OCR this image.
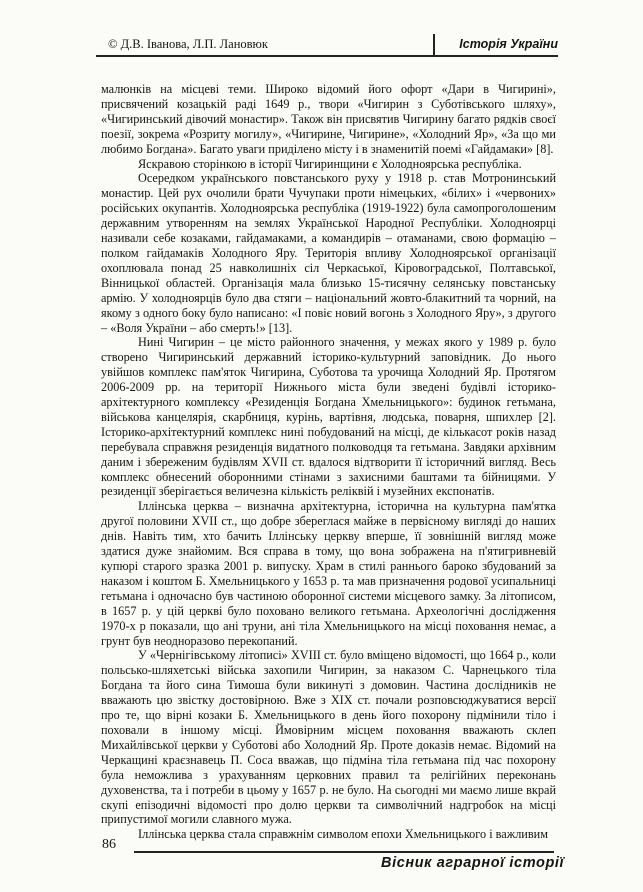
© Д.В. Іванова, Л.П. Лановюк	Історія України

малюнків на місцеві теми. Широко відомий його офорт «Дари в Чигирині», присвячений козацькій раді 1649 р., твори «Чигирин з Суботівського шляху», «Чигиринський дівочий монастир». Також він присвятив Чигирину багато рядків своєї поезії, зокрема «Розриту могилу», «Чигирине, Чигирине», «Холодний Яр», «За що ми любимо Богдана». Багато уваги приділено місту і в знаменитій поемі «Гайдамаки» [8].

Яскравою сторінкою в історії Чигиринщини є Холодноярська республіка.

Осередком українського повстанського руху у 1918 р. став Мотронинський монастир. Цей рух очолили брати Чучупаки проти німецьких, «білих» і «червоних» російських окупантів. Холодноярська республіка (1919-1922) була самопроголошеним державним утворенням на землях Української Народної Республіки. Холодноярці називали себе козаками, гайдамаками, а командирів – отаманами, свою формацію – полком гайдамаків Холодного Яру. Територія впливу Холодноярської організації охоплювала понад 25 навколишніх сіл Черкаської, Кіровоградської, Полтавської, Вінницької областей. Організація мала близько 15-тисячну селянську повстанську армію. У холодноярців було два стяги – національний жовто-блакитний та чорний, на якому з одного боку було написано: «І повіє новий вогонь з Холодного Яру», з другого – «Воля України – або смерть!» [13].

Нині Чигирин – це місто районного значення, у межах якого у 1989 р. було створено Чигиринський державний історико-культурний заповідник. До нього увійшов комплекс пам'яток Чигирина, Суботова та урочища Холодний Яр. Протягом 2006-2009 рр. на території Нижнього міста були зведені будівлі історико-архітектурного комплексу «Резиденція Богдана Хмельницького»: будинок гетьмана, військова канцелярія, скарбниця, курінь, вартівня, людська, поварня, шпихлер [2]. Історико-архітектурний комплекс нині побудований на місці, де кількасот років назад перебувала справжня резиденція видатного полководця та гетьмана. Завдяки архівним даним і збереженим будівлям XVII ст. вдалося відтворити її історичний вигляд. Весь комплекс обнесений оборонними стінами з захисними баштами та бійницями. У резиденції зберігається величезна кількість реліквій і музейних експонатів.

Іллінська церква – визначна архітектурна, історична на культурна пам'ятка другої половини XVII ст., що добре збереглася майже в первісному вигляді до наших днів. Навіть тим, хто бачить Іллінську церкву вперше, її зовнішній вигляд може здатися дуже знайомим. Вся справа в тому, що вона зображена на п'ятигривневій купюрі старого зразка 2001 р. випуску. Храм в стилі раннього бароко збудований за наказом і коштом Б. Хмельницького у 1653 р. та мав призначення родової усипальниці гетьмана і одночасно був частиною оборонної системи місцевого замку. За літописом, в 1657 р. у цій церкві було поховано великого гетьмана. Археологічні дослідження 1970-х р показали, що ані труни, ані тіла Хмельницького на місці поховання немає, а грунт був неодноразово перекопаний.

У «Чернігівському літописі» XVIII ст. було вміщено відомості, що 1664 р., коли польсько-шляхетські війська захопили Чигирин, за наказом С. Чарнецького тіла Богдана та його сина Тимоша були викинуті з домовин. Частина дослідників не вважають цю звістку достовірною. Вже з XIX ст. почали розповсюджуватися версії про те, що вірні козаки Б. Хмельницького в день його похорону підмінили тіло і поховали в іншому місці. Ймовірним місцем поховання вважають склеп Михайлівської церкви у Суботові або Холодний Яр. Проте доказів немає. Відомий на Черкащині краєзнавець П. Соса вважав, що підміна тіла гетьмана під час похорону була неможлива з урахуванням церковних правил та релігійних переконань духовенства, та і потреби в цьому у 1657 р. не було. На сьогодні ми маємо лише вкрай скупі епізодичні відомості про долю церкви та символічний надгробок на місці припустимої могили славного мужа.

Іллінська церква стала справжнім символом епохи Хмельницького і важливим

86
Вісник аграрної історії
